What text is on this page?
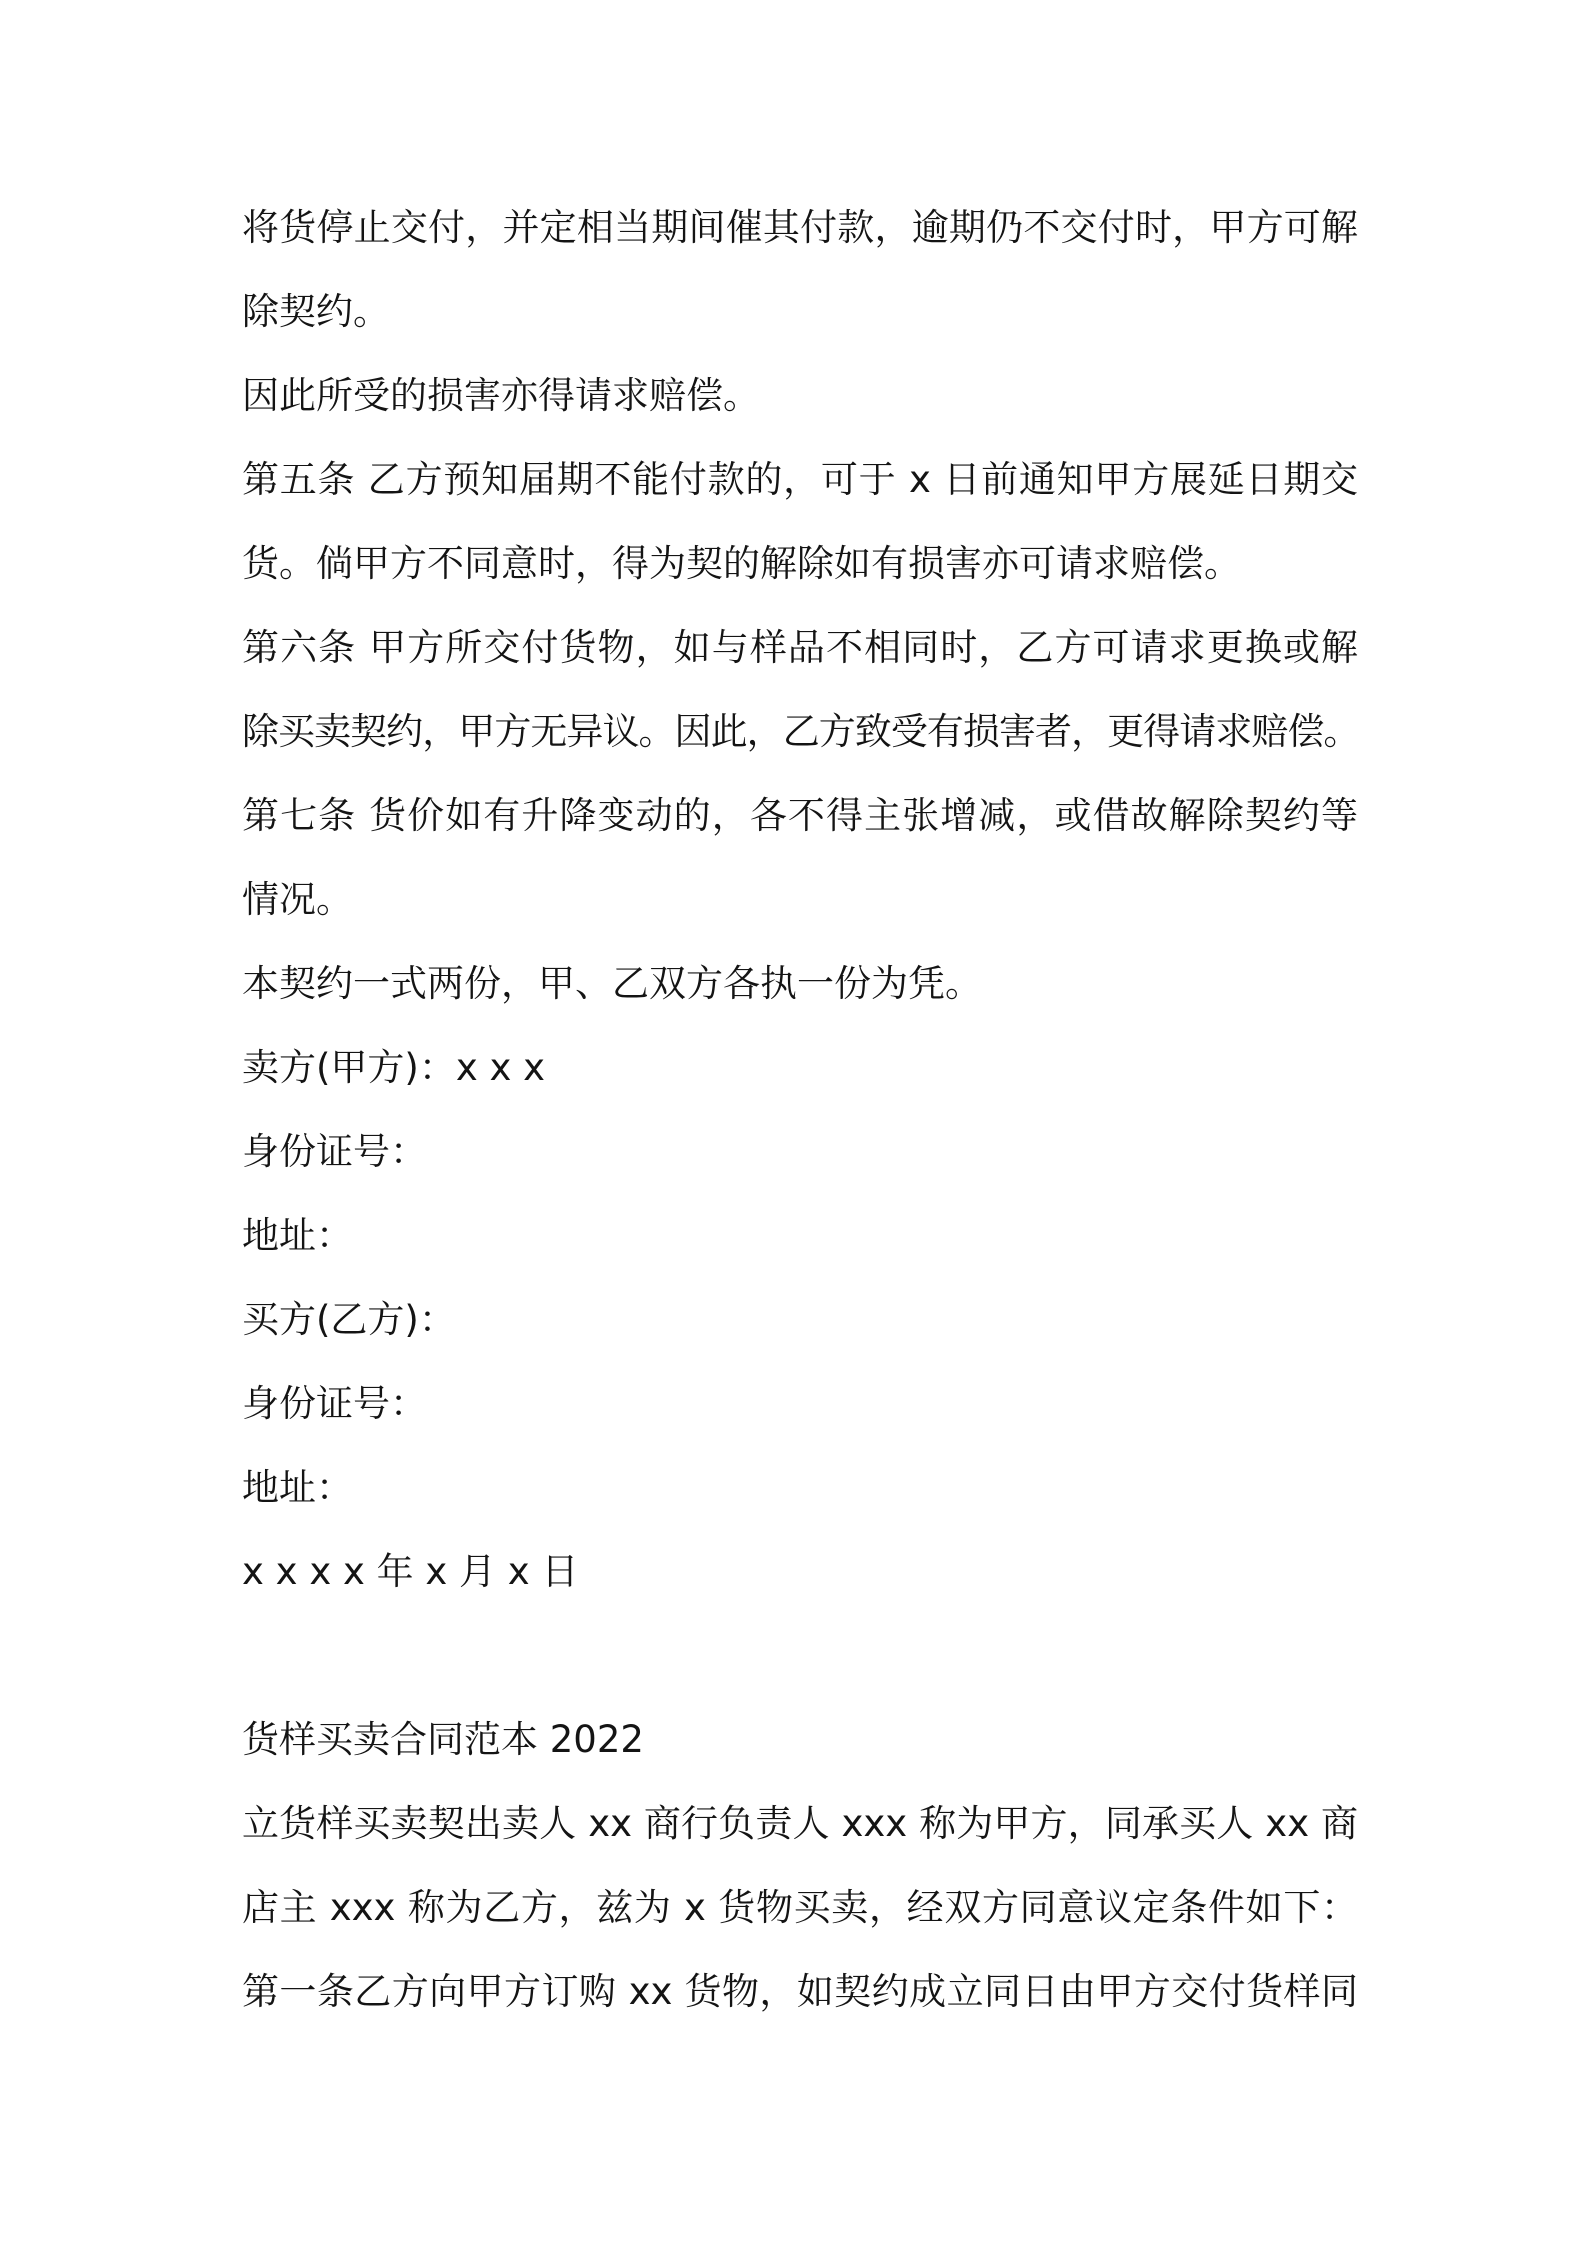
将货停止交付，并定相当期间催其付款，逾期仍不交付时，甲方可解
除契约。
因此所受的损害亦得请求赔偿。
第五条 乙方预知届期不能付款的，可于 x 日前通知甲方展延日期交
货。倘甲方不同意时，得为契的解除如有损害亦可请求赔偿。
第六条 甲方所交付货物，如与样品不相同时，乙方可请求更换或解
除买卖契约，甲方无异议。因此，乙方致受有损害者，更得请求赔偿。
第七条 货价如有升降变动的，各不得主张增减，或借故解除契约等
情况。
本契约一式两份，甲、乙双方各执一份为凭。
卖方(甲方)：x x x
身份证号：
地址：
买方(乙方)：
身份证号：
地址：
x x x x 年 x 月 x 日
货样买卖合同范本 2022
立货样买卖契出卖人 xx 商行负责人 xxx 称为甲方，同承买人 xx 商
店主 xxx 称为乙方，兹为 x 货物买卖，经双方同意议定条件如下：
第一条乙方向甲方订购 xx 货物，如契约成立同日由甲方交付货样同
